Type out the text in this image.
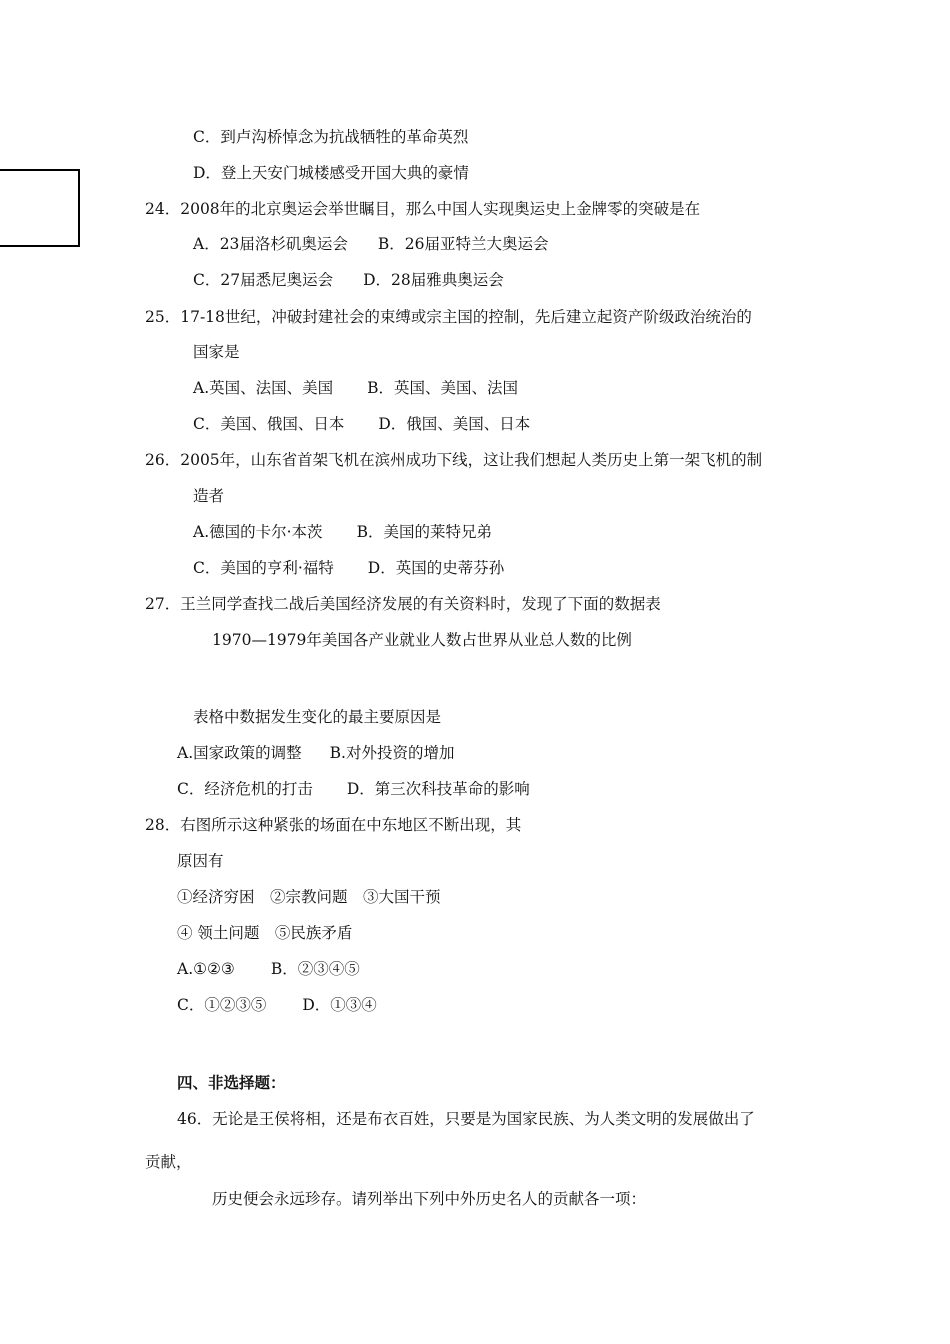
C．到卢沟桥悼念为抗战牺牲的革命英烈
D．登上天安门城楼感受开国大典的豪情
24．2008年的北京奥运会举世瞩目，那么中国人实现奥运史上金牌零的突破是在
A．23届洛杉矶奥运会 B．26届亚特兰大奥运会
C．27届悉尼奥运会 D．28届雅典奥运会
25．17-18世纪，冲破封建社会的束缚或宗主国的控制，先后建立起资产阶级政治统治的
国家是
A.英国、法国、美国 B．英国、美国、法国
C．美国、俄国、日本 D．俄国、美国、日本
26．2005年，山东省首架飞机在滨州成功下线，这让我们想起人类历史上第一架飞机的制
造者
A.德国的卡尔·本茨 B．美国的莱特兄弟
C．美国的亨利·福特 D．英国的史蒂芬孙
27．王兰同学查找二战后美国经济发展的有关资料时，发现了下面的数据表
1970—1979年美国各产业就业人数占世界从业总人数的比例
表格中数据发生变化的最主要原因是
A.国家政策的调整 B.对外投资的增加
C．经济危机的打击 D．第三次科技革命的影响
28．右图所示这种紧张的场面在中东地区不断出现，其
原因有
①经济穷困　②宗教问题　③大国干预
④ 领土问题　⑤民族矛盾
A.①②③ B．②③④⑤
C．①②③⑤ D．①③④
四、非选择题：
46．无论是王侯将相，还是布衣百姓，只要是为国家民族、为人类文明的发展做出了
贡献，
历史便会永远珍存。请列举出下列中外历史名人的贡献各一项：
